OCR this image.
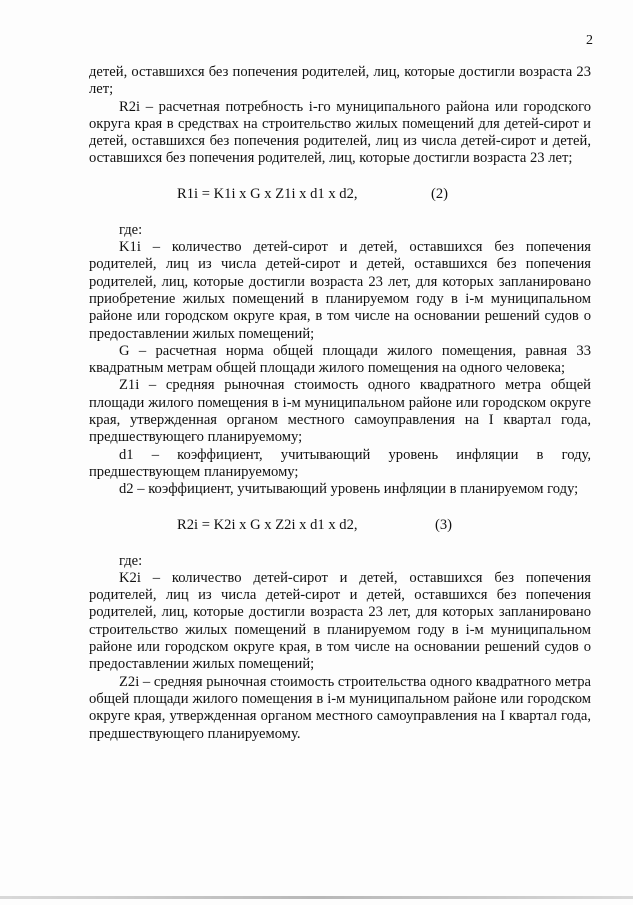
2

детей, оставшихся без попечения родителей, лиц, которые достигли возраста 23 лет;

R2i – расчетная потребность i-го муниципального района или городского округа края в средствах на строительство жилых помещений для детей-сирот и детей, оставшихся без попечения родителей, лиц из числа детей-сирот и детей, оставшихся без попечения родителей, лиц, которые достигли возраста 23 лет;

R1i = K1i x G x Z1i x d1 x d2,	(2)

где:

K1i – количество детей-сирот и детей, оставшихся без попечения родителей, лиц из числа детей-сирот и детей, оставшихся без попечения родителей, лиц, которые достигли возраста 23 лет, для которых запланировано приобретение жилых помещений в планируемом году в i-м муниципальном районе или городском округе края, в том числе на основании решений судов о предоставлении жилых помещений;

G – расчетная норма общей площади жилого помещения, равная 33 квадратным метрам общей площади жилого помещения на одного человека;

Z1i – средняя рыночная стоимость одного квадратного метра общей площади жилого помещения в i-м муниципальном районе или городском округе края, утвержденная органом местного самоуправления на I квартал года, предшествующего планируемому;

d1 – коэффициент, учитывающий уровень инфляции в году, предшествующем планируемому;

d2 – коэффициент, учитывающий уровень инфляции в планируемом году;

R2i = K2i x G x Z2i x d1 x d2,	(3)

где:

K2i – количество детей-сирот и детей, оставшихся без попечения родителей, лиц из числа детей-сирот и детей, оставшихся без попечения родителей, лиц, которые достигли возраста 23 лет, для которых запланировано строительство жилых помещений в планируемом году в i-м муниципальном районе или городском округе края, в том числе на основании решений судов о предоставлении жилых помещений;

Z2i – средняя рыночная стоимость строительства одного квадратного метра общей площади жилого помещения в i-м муниципальном районе или городском округе края, утвержденная органом местного самоуправления на I квартал года, предшествующего планируемому.
